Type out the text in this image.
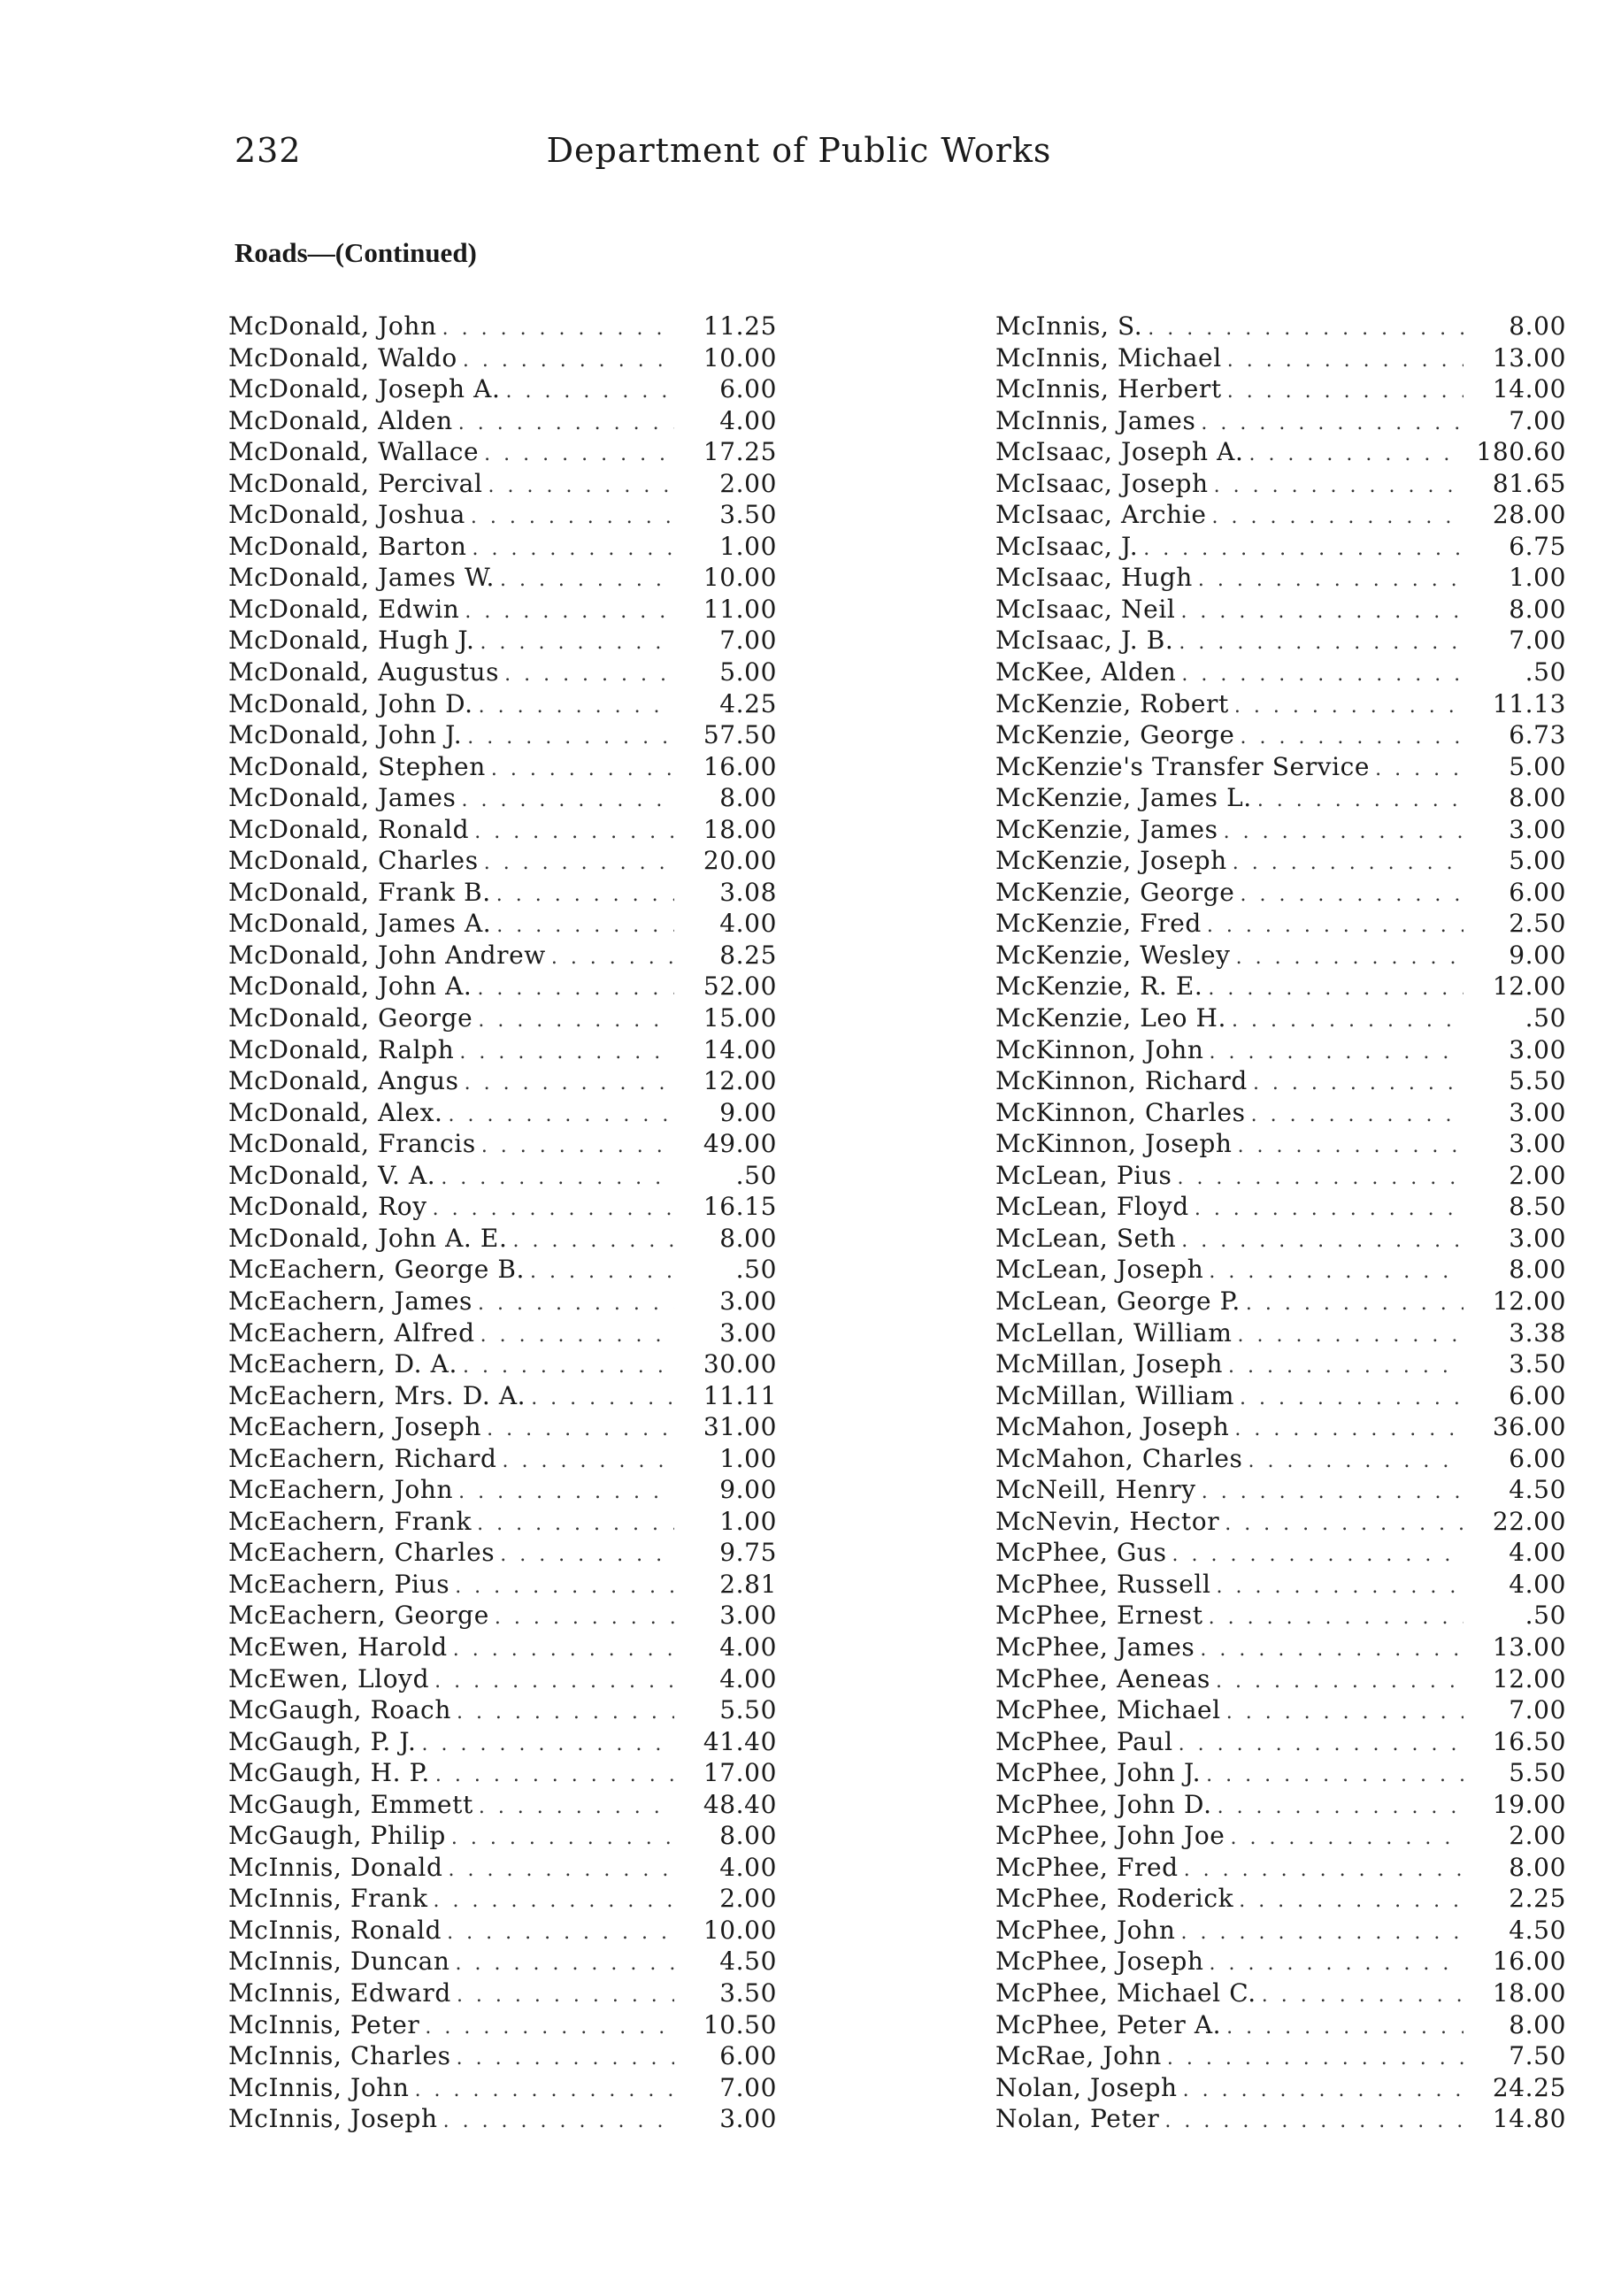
232	Department of Public Works
Roads—(Continued)
McDonald, John . . .	11.25
McDonald, Waldo . . .	10.00
McDonald, Joseph A. . . .	6.00
McDonald, Alden . . .	4.00
McDonald, Wallace . . .	17.25
McDonald, Percival . . .	2.00
McDonald, Joshua . . .	3.50
McDonald, Barton . . .	1.00
McDonald, James W. . . .	10.00
McDonald, Edwin . . .	11.00
McDonald, Hugh J. . . .	7.00
McDonald, Augustus . . .	5.00
McDonald, John D. . . .	4.25
McDonald, John J. . . .	57.50
McDonald, Stephen . . .	16.00
McDonald, James . . .	8.00
McDonald, Ronald . . .	18.00
McDonald, Charles . . .	20.00
McDonald, Frank B. . . .	3.08
McDonald, James A. . . .	4.00
McDonald, John Andrew . . .	8.25
McDonald, John A. . . .	52.00
McDonald, George . . .	15.00
McDonald, Ralph . . .	14.00
McDonald, Angus . . .	12.00
McDonald, Alex. . . .	9.00
McDonald, Francis . . .	49.00
McDonald, V. A. . . .	.50
McDonald, Roy . . .	16.15
McDonald, John A. E. . . .	8.00
McEachern, George B. . . .	.50
McEachern, James . . .	3.00
McEachern, Alfred . . .	3.00
McEachern, D. A. . . .	30.00
McEachern, Mrs. D. A. . . .	11.11
McEachern, Joseph . . .	31.00
McEachern, Richard . . .	1.00
McEachern, John . . .	9.00
McEachern, Frank . . .	1.00
McEachern, Charles . . .	9.75
McEachern, Pius . . .	2.81
McEachern, George . . .	3.00
McEwen, Harold . . .	4.00
McEwen, Lloyd . . .	4.00
McGaugh, Roach . . .	5.50
McGaugh, P. J. . . .	41.40
McGaugh, H. P. . . .	17.00
McGaugh, Emmett . . .	48.40
McGaugh, Philip . . .	8.00
McInnis, Donald . . .	4.00
McInnis, Frank . . .	2.00
McInnis, Ronald . . .	10.00
McInnis, Duncan . . .	4.50
McInnis, Edward . . .	3.50
McInnis, Peter . . .	10.50
McInnis, Charles . . .	6.00
McInnis, John . . .	7.00
McInnis, Joseph . . .	3.00
McInnis, S. . . .	8.00
McInnis, Michael . . .	13.00
McInnis, Herbert . . .	14.00
McInnis, James . . .	7.00
McIsaac, Joseph A. . . .	180.60
McIsaac, Joseph . . .	81.65
McIsaac, Archie . . .	28.00
McIsaac, J. . . .	6.75
McIsaac, Hugh . . .	1.00
McIsaac, Neil . . .	8.00
McIsaac, J. B. . . .	7.00
McKee, Alden . . .	.50
McKenzie, Robert . . .	11.13
McKenzie, George . . .	6.73
McKenzie's Transfer Service . . .	5.00
McKenzie, James L. . . .	8.00
McKenzie, James . . .	3.00
McKenzie, Joseph . . .	5.00
McKenzie, George . . .	6.00
McKenzie, Fred . . .	2.50
McKenzie, Wesley . . .	9.00
McKenzie, R. E. . . .	12.00
McKenzie, Leo H. . . .	.50
McKinnon, John . . .	3.00
McKinnon, Richard . . .	5.50
McKinnon, Charles . . .	3.00
McKinnon, Joseph . . .	3.00
McLean, Pius . . .	2.00
McLean, Floyd . . .	8.50
McLean, Seth . . .	3.00
McLean, Joseph . . .	8.00
McLean, George P. . . .	12.00
McLellan, William . . .	3.38
McMillan, Joseph . . .	3.50
McMillan, William . . .	6.00
McMahon, Joseph . . .	36.00
McMahon, Charles . . .	6.00
McNeill, Henry . . .	4.50
McNevin, Hector . . .	22.00
McPhee, Gus . . .	4.00
McPhee, Russell . . .	4.00
McPhee, Ernest . . .	.50
McPhee, James . . .	13.00
McPhee, Aeneas . . .	12.00
McPhee, Michael . . .	7.00
McPhee, Paul . . .	16.50
McPhee, John J. . . .	5.50
McPhee, John D. . . .	19.00
McPhee, John Joe . . .	2.00
McPhee, Fred . . .	8.00
McPhee, Roderick . . .	2.25
McPhee, John . . .	4.50
McPhee, Joseph . . .	16.00
McPhee, Michael C. . . .	18.00
McPhee, Peter A. . . .	8.00
McRae, John . . .	7.50
Nolan, Joseph . . .	24.25
Nolan, Peter . . .	14.80
